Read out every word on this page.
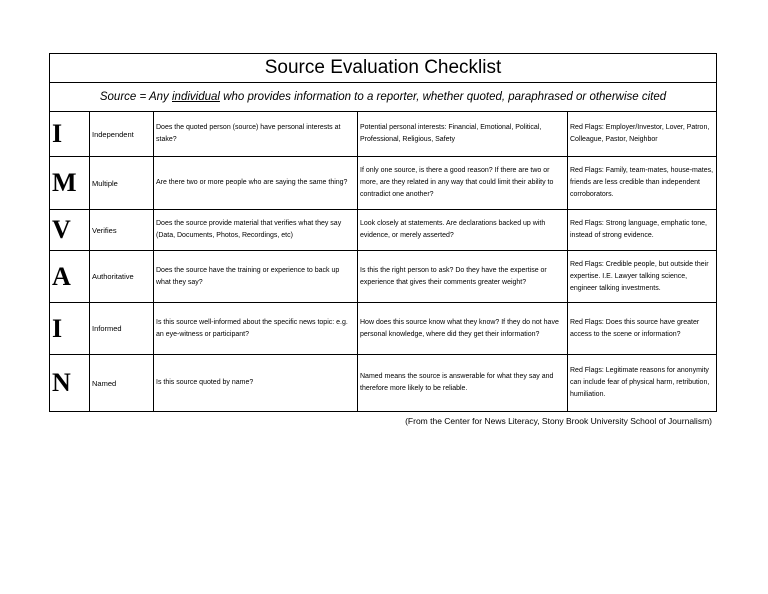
Source Evaluation Checklist				
Source = Any individual who provides information to a reporter, whether quoted, paraphrased or otherwise cited				
I	Independent	Does the quoted person (source) have personal interests at stake?	Potential personal interests: Financial, Emotional, Political, Professional, Religious, Safety	Red Flags: Employer/Investor, Lover, Patron, Colleague, Pastor, Neighbor
M	Multiple	Are there two or more people who are saying the same thing?	If only one source, is there a good reason? If there are two or more, are they related in any way that could limit their ability to contradict one another?	Red Flags: Family, team-mates, house-mates, friends are less credible than independent corroborators.
V	Verifies	Does the source provide material that verifies what they say (Data, Documents, Photos, Recordings, etc)	Look closely at statements. Are declarations backed up with evidence, or merely asserted?	Red Flags: Strong language, emphatic tone, instead of strong evidence.
A	Authoritative	Does the source have the training or experience to back up what they say?	Is this the right person to ask? Do they have the expertise or experience that gives their comments greater weight?	Red Flags: Credible people, but outside their expertise. I.E. Lawyer talking science, engineer talking investments.
I	Informed	Is this source well-informed about the specific news topic: e.g. an eye-witness or participant?	How does this source know what they know? If they do not have personal knowledge, where did they get their information?	Red Flags: Does this source have greater access to the scene or information?
N	Named	Is this source quoted by name?	Named means the source is answerable for what they say and therefore more likely to be reliable.	Red Flags: Legitimate reasons for anonymity can include fear of physical harm, retribution, humiliation.
(From the Center for News Literacy, Stony Brook University School of Journalism)
